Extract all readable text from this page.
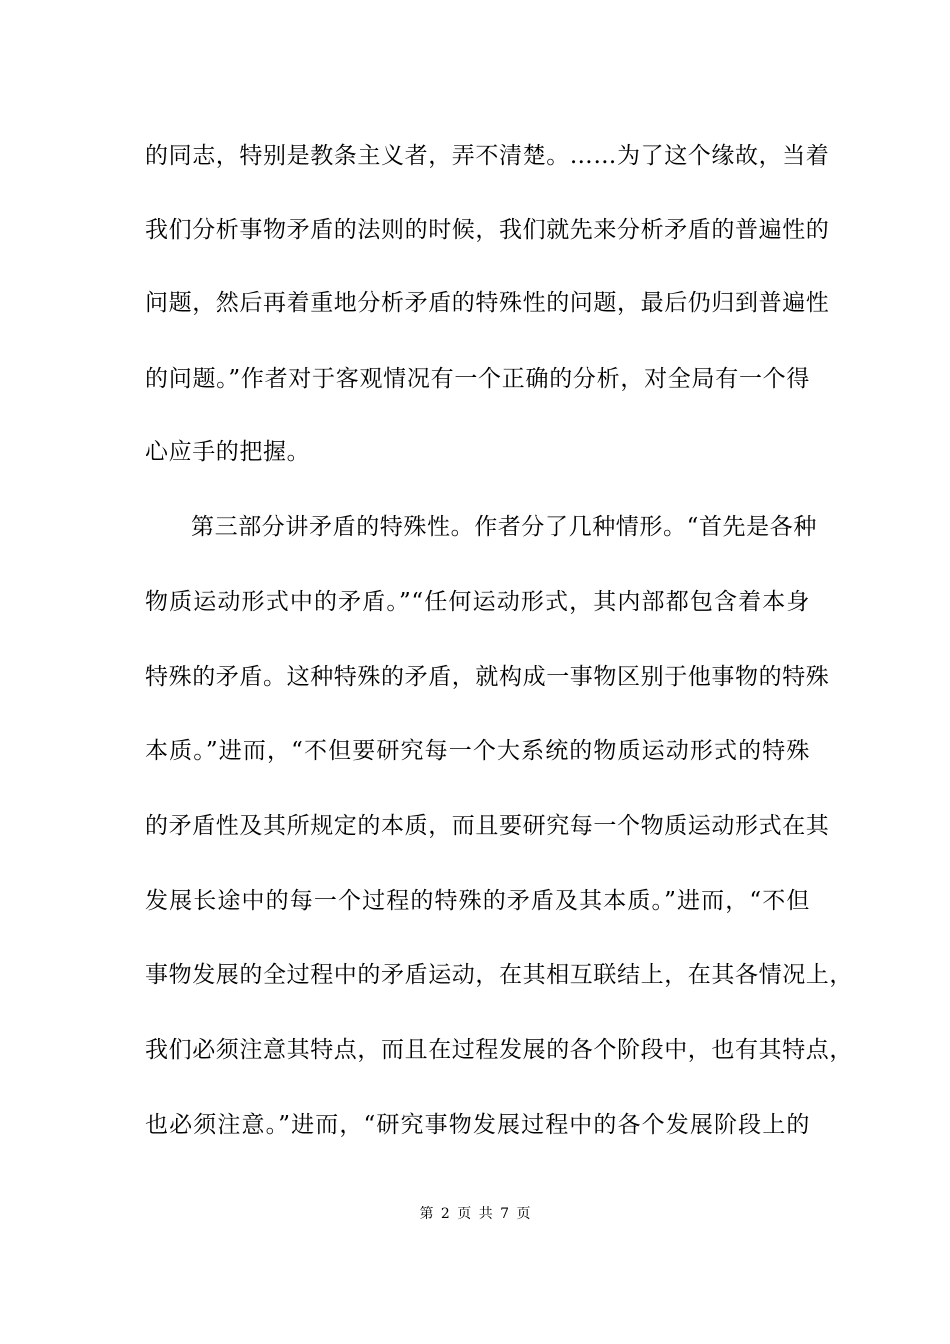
的同志，特别是教条主义者，弄不清楚。……为了这个缘故，当着
我们分析事物矛盾的法则的时候，我们就先来分析矛盾的普遍性的
问题，然后再着重地分析矛盾的特殊性的问题，最后仍归到普遍性
的问题。”作者对于客观情况有一个正确的分析，对全局有一个得
心应手的把握。
第三部分讲矛盾的特殊性。作者分了几种情形。“首先是各种
物质运动形式中的矛盾。”“任何运动形式，其内部都包含着本身
特殊的矛盾。这种特殊的矛盾，就构成一事物区别于他事物的特殊
本质。”进而，“不但要研究每一个大系统的物质运动形式的特殊
的矛盾性及其所规定的本质，而且要研究每一个物质运动形式在其
发展长途中的每一个过程的特殊的矛盾及其本质。”进而，“不但
事物发展的全过程中的矛盾运动，在其相互联结上，在其各情况上，
我们必须注意其特点，而且在过程发展的各个阶段中，也有其特点，
也必须注意。”进而，“研究事物发展过程中的各个发展阶段上的
第 2 页 共 7 页
